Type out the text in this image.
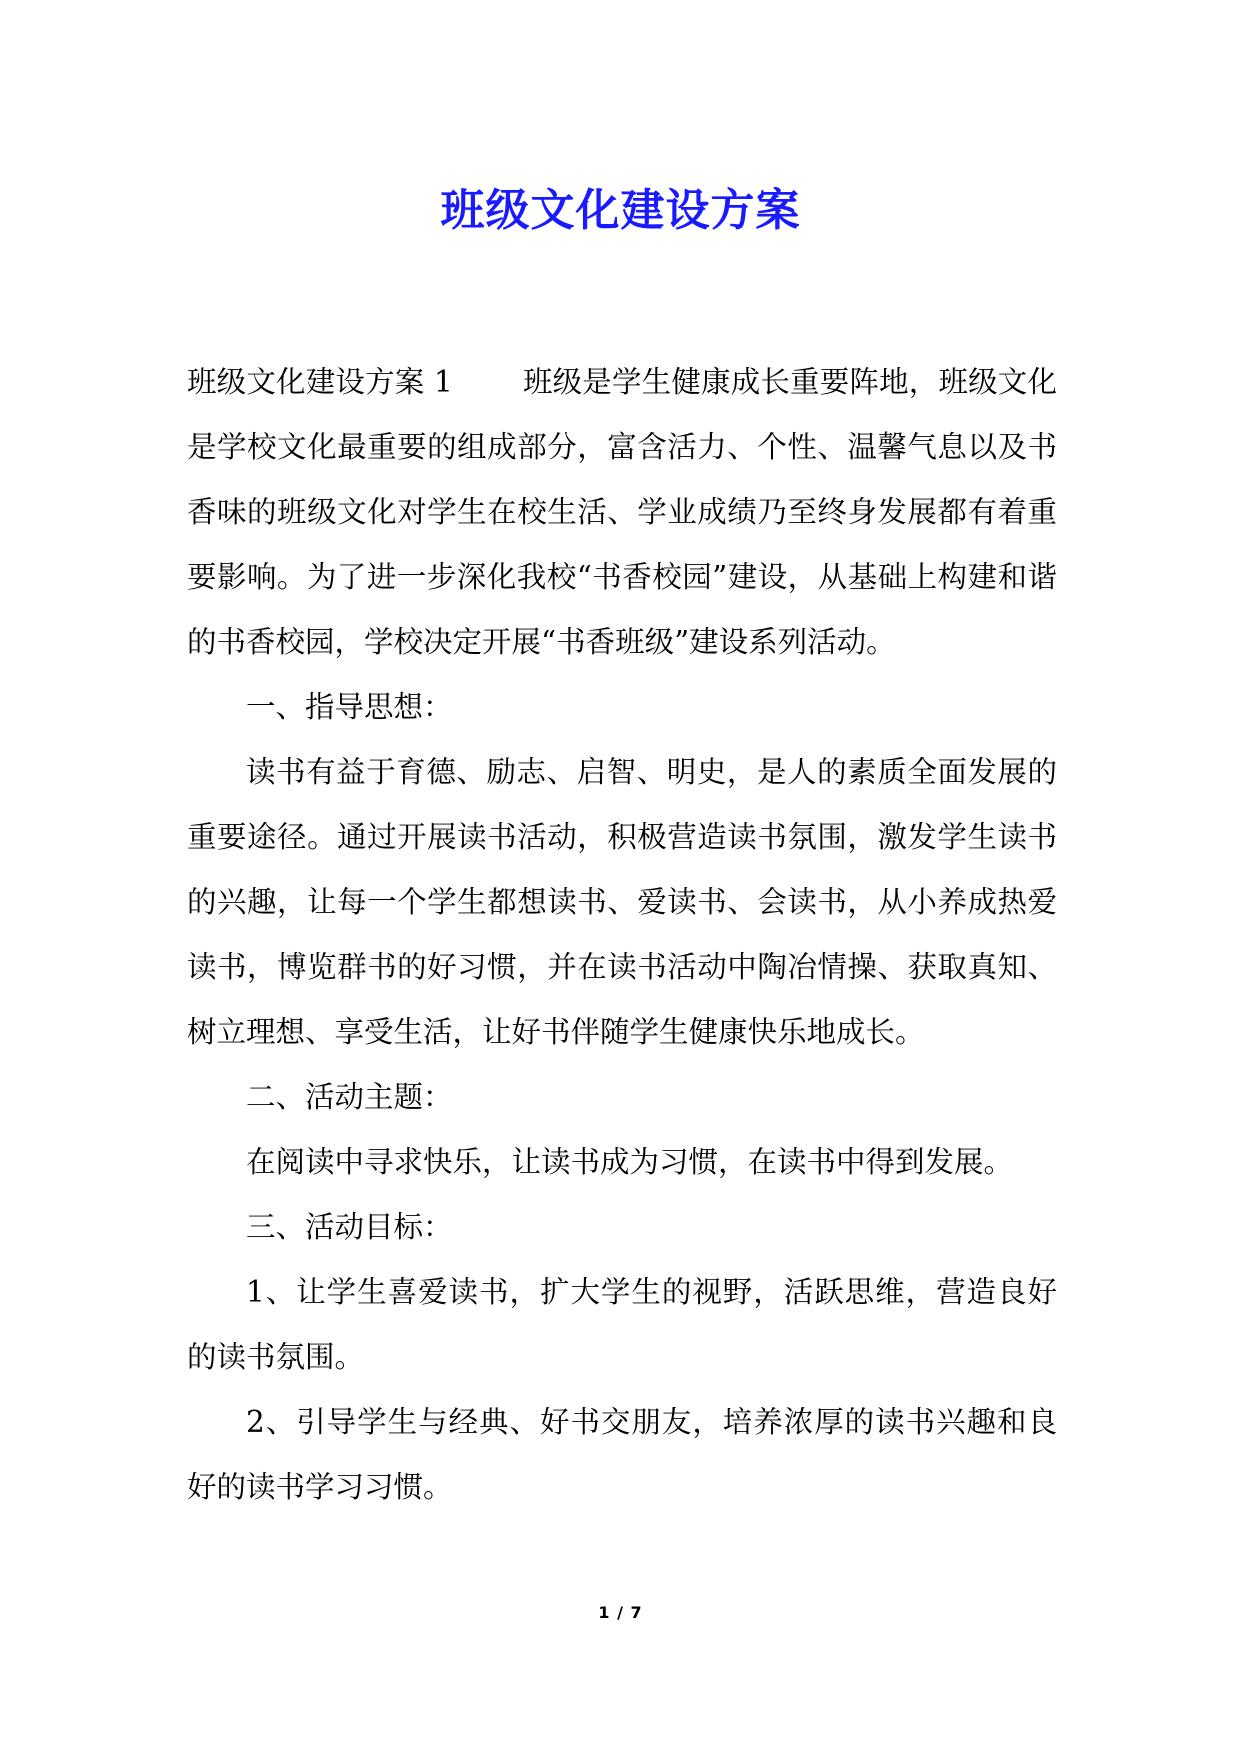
班级文化建设方案

班级文化建设方案 1 班级是学生健康成长重要阵地，班级文化是学校文化最重要的组成部分，富含活力、个性、温馨气息以及书香味的班级文化对学生在校生活、学业成绩乃至终身发展都有着重要影响。为了进一步深化我校“书香校园”建设，从基础上构建和谐的书香校园，学校决定开展“书香班级”建设系列活动。

一、指导思想：

读书有益于育德、励志、启智、明史，是人的素质全面发展的重要途径。通过开展读书活动，积极营造读书氛围，激发学生读书的兴趣，让每一个学生都想读书、爱读书、会读书，从小养成热爱读书，博览群书的好习惯，并在读书活动中陶冶情操、获取真知、树立理想、享受生活，让好书伴随学生健康快乐地成长。

二、活动主题：

在阅读中寻求快乐，让读书成为习惯，在读书中得到发展。

三、活动目标：

1、让学生喜爱读书，扩大学生的视野，活跃思维，营造良好的读书氛围。

2、引导学生与经典、好书交朋友，培养浓厚的读书兴趣和良好的读书学习习惯。

1 / 7
